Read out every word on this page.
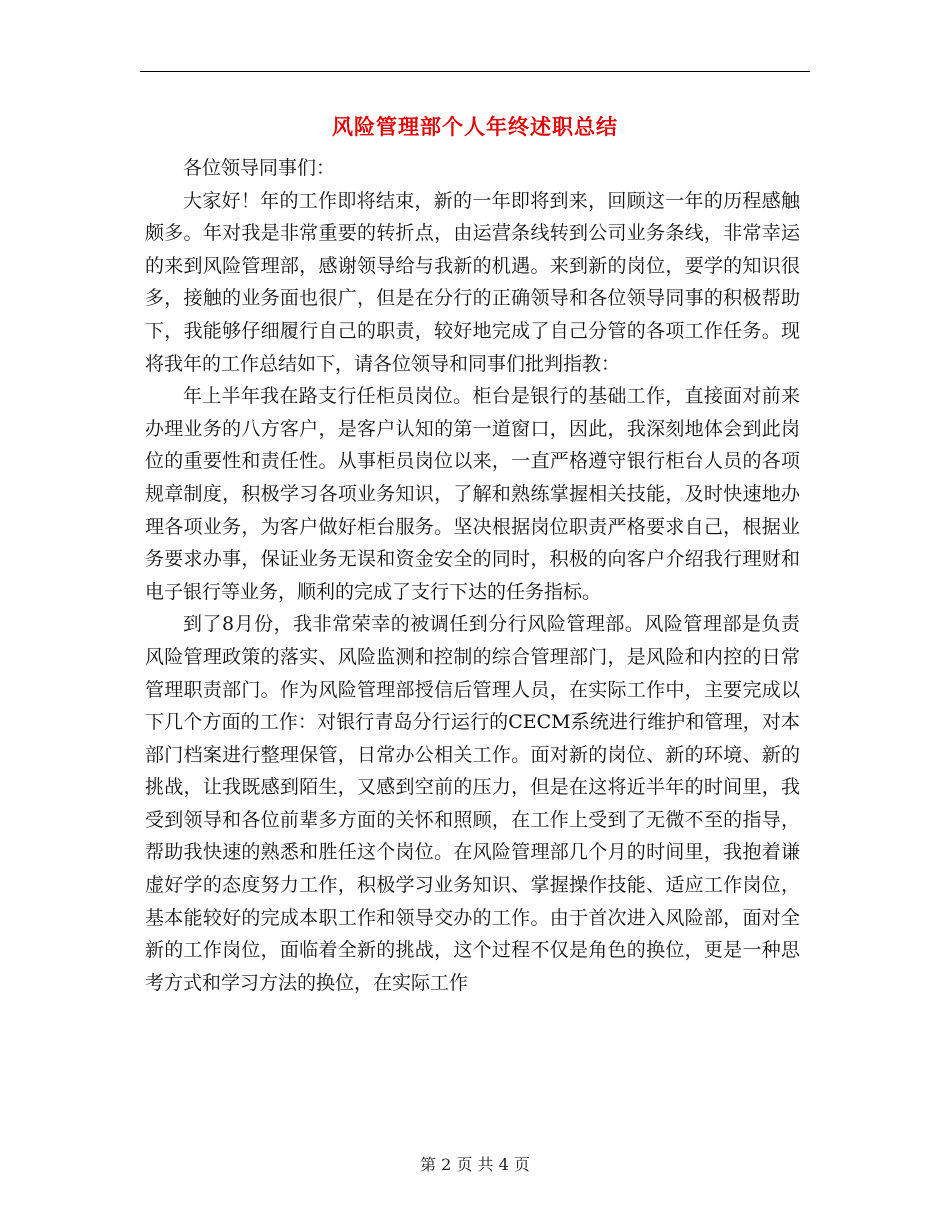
风险管理部个人年终述职总结

各位领导同事们：

大家好！年的工作即将结束，新的一年即将到来，回顾这一年的历程感触颇多。年对我是非常重要的转折点，由运营条线转到公司业务条线，非常幸运的来到风险管理部，感谢领导给与我新的机遇。来到新的岗位，要学的知识很多，接触的业务面也很广，但是在分行的正确领导和各位领导同事的积极帮助下，我能够仔细履行自己的职责，较好地完成了自己分管的各项工作任务。现将我年的工作总结如下，请各位领导和同事们批判指教：

年上半年我在路支行任柜员岗位。柜台是银行的基础工作，直接面对前来办理业务的八方客户，是客户认知的第一道窗口，因此，我深刻地体会到此岗位的重要性和责任性。从事柜员岗位以来，一直严格遵守银行柜台人员的各项规章制度，积极学习各项业务知识，了解和熟练掌握相关技能，及时快速地办理各项业务，为客户做好柜台服务。坚决根据岗位职责严格要求自己，根据业务要求办事，保证业务无误和资金安全的同时，积极的向客户介绍我行理财和电子银行等业务，顺利的完成了支行下达的任务指标。

到了8月份，我非常荣幸的被调任到分行风险管理部。风险管理部是负责风险管理政策的落实、风险监测和控制的综合管理部门，是风险和内控的日常管理职责部门。作为风险管理部授信后管理人员，在实际工作中，主要完成以下几个方面的工作：对银行青岛分行运行的CECM系统进行维护和管理，对本部门档案进行整理保管，日常办公相关工作。面对新的岗位、新的环境、新的挑战，让我既感到陌生，又感到空前的压力，但是在这将近半年的时间里，我受到领导和各位前辈多方面的关怀和照顾，在工作上受到了无微不至的指导，帮助我快速的熟悉和胜任这个岗位。在风险管理部几个月的时间里，我抱着谦虚好学的态度努力工作，积极学习业务知识、掌握操作技能、适应工作岗位，基本能较好的完成本职工作和领导交办的工作。由于首次进入风险部，面对全新的工作岗位，面临着全新的挑战，这个过程不仅是角色的换位，更是一种思考方式和学习方法的换位，在实际工作

第 2 页 共 4 页
